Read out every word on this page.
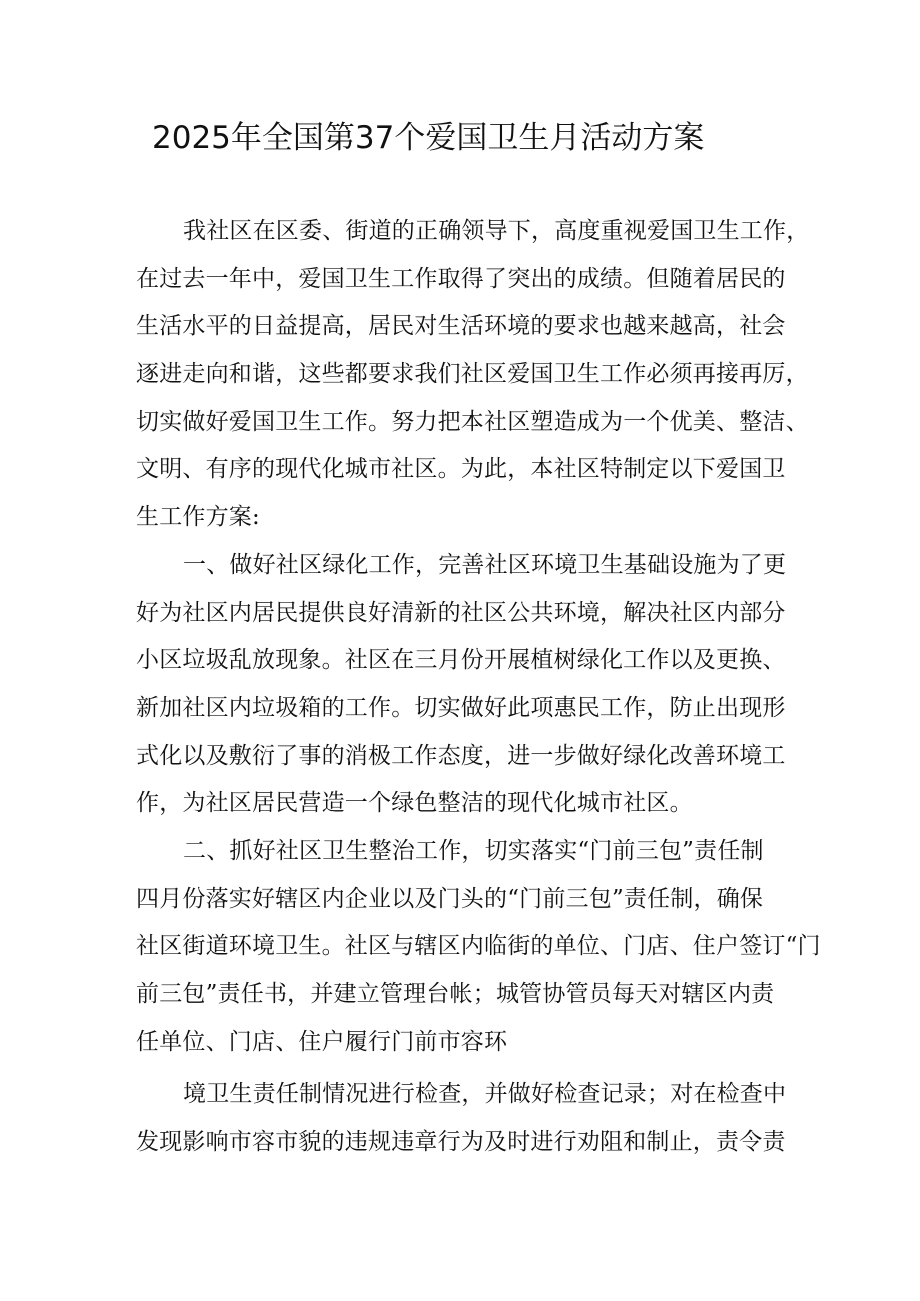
2025年全国第37个爱国卫生月活动方案
我社区在区委、街道的正确领导下，高度重视爱国卫生工作，
在过去一年中，爱国卫生工作取得了突出的成绩。但随着居民的
生活水平的日益提高，居民对生活环境的要求也越来越高，社会
逐进走向和谐，这些都要求我们社区爱国卫生工作必须再接再厉，
切实做好爱国卫生工作。努力把本社区塑造成为一个优美、整洁、
文明、有序的现代化城市社区。为此，本社区特制定以下爱国卫
生工作方案:
一、做好社区绿化工作，完善社区环境卫生基础设施为了更
好为社区内居民提供良好清新的社区公共环境，解决社区内部分
小区垃圾乱放现象。社区在三月份开展植树绿化工作以及更换、
新加社区内垃圾箱的工作。切实做好此项惠民工作，防止出现形
式化以及敷衍了事的消极工作态度，进一步做好绿化改善环境工
作，为社区居民营造一个绿色整洁的现代化城市社区。
二、抓好社区卫生整治工作，切实落实“门前三包”责任制
四月份落实好辖区内企业以及门头的“门前三包”责任制，确保
社区街道环境卫生。社区与辖区内临街的单位、门店、住户签订“门
前三包”责任书，并建立管理台帐；城管协管员每天对辖区内责
任单位、门店、住户履行门前市容环
境卫生责任制情况进行检查，并做好检查记录；对在检查中
发现影响市容市貌的违规违章行为及时进行劝阻和制止，责令责
